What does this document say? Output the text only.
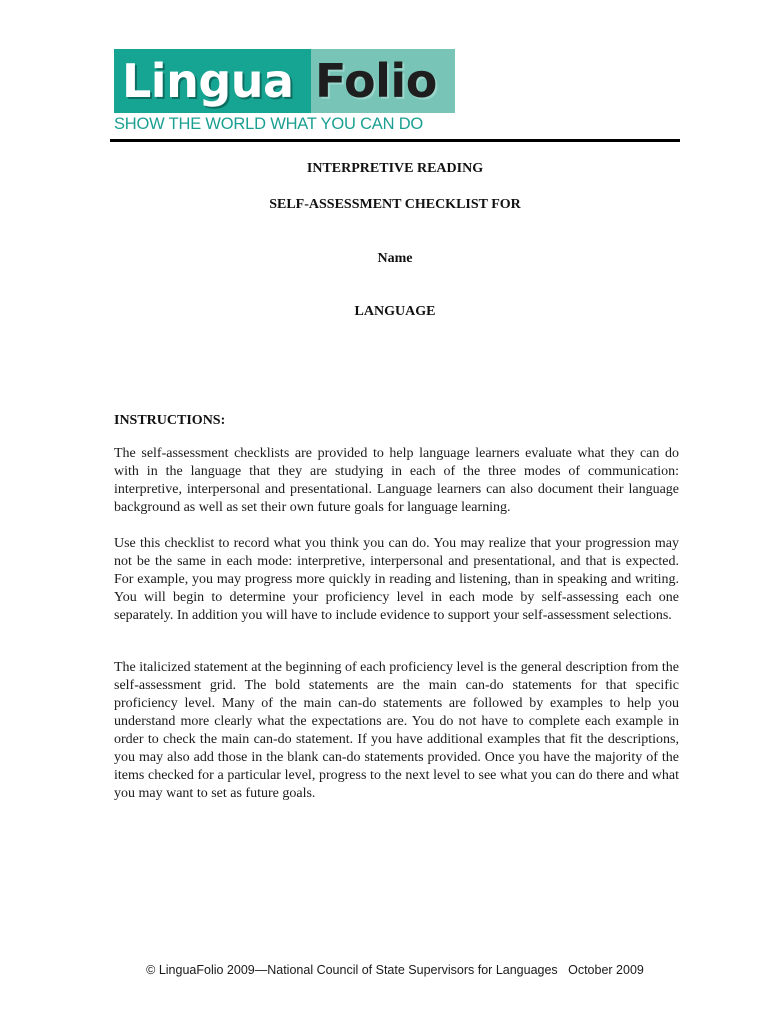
Lingua Folio
SHOW THE WORLD WHAT YOU CAN DO
INTERPRETIVE READING
SELF-ASSESSMENT CHECKLIST FOR
Name
LANGUAGE
INSTRUCTIONS:

The self-assessment checklists are provided to help language learners evaluate what they can do with in the language that they are studying in each of the three modes of communication: interpretive, interpersonal and presentational. Language learners can also document their language background as well as set their own future goals for language learning.

Use this checklist to record what you think you can do. You may realize that your progression may not be the same in each mode: interpretive, interpersonal and presentational, and that is expected. For example, you may progress more quickly in reading and listening, than in speaking and writing. You will begin to determine your proficiency level in each mode by self-assessing each one separately. In addition you will have to include evidence to support your self-assessment selections.

The italicized statement at the beginning of each proficiency level is the general description from the self-assessment grid. The bold statements are the main can-do statements for that specific proficiency level. Many of the main can-do statements are followed by examples to help you understand more clearly what the expectations are. You do not have to complete each example in order to check the main can-do statement. If you have additional examples that fit the descriptions, you may also add those in the blank can-do statements provided. Once you have the majority of the items checked for a particular level, progress to the next level to see what you can do there and what you may want to set as future goals.

© LinguaFolio 2009—National Council of State Supervisors for Languages   October 2009
